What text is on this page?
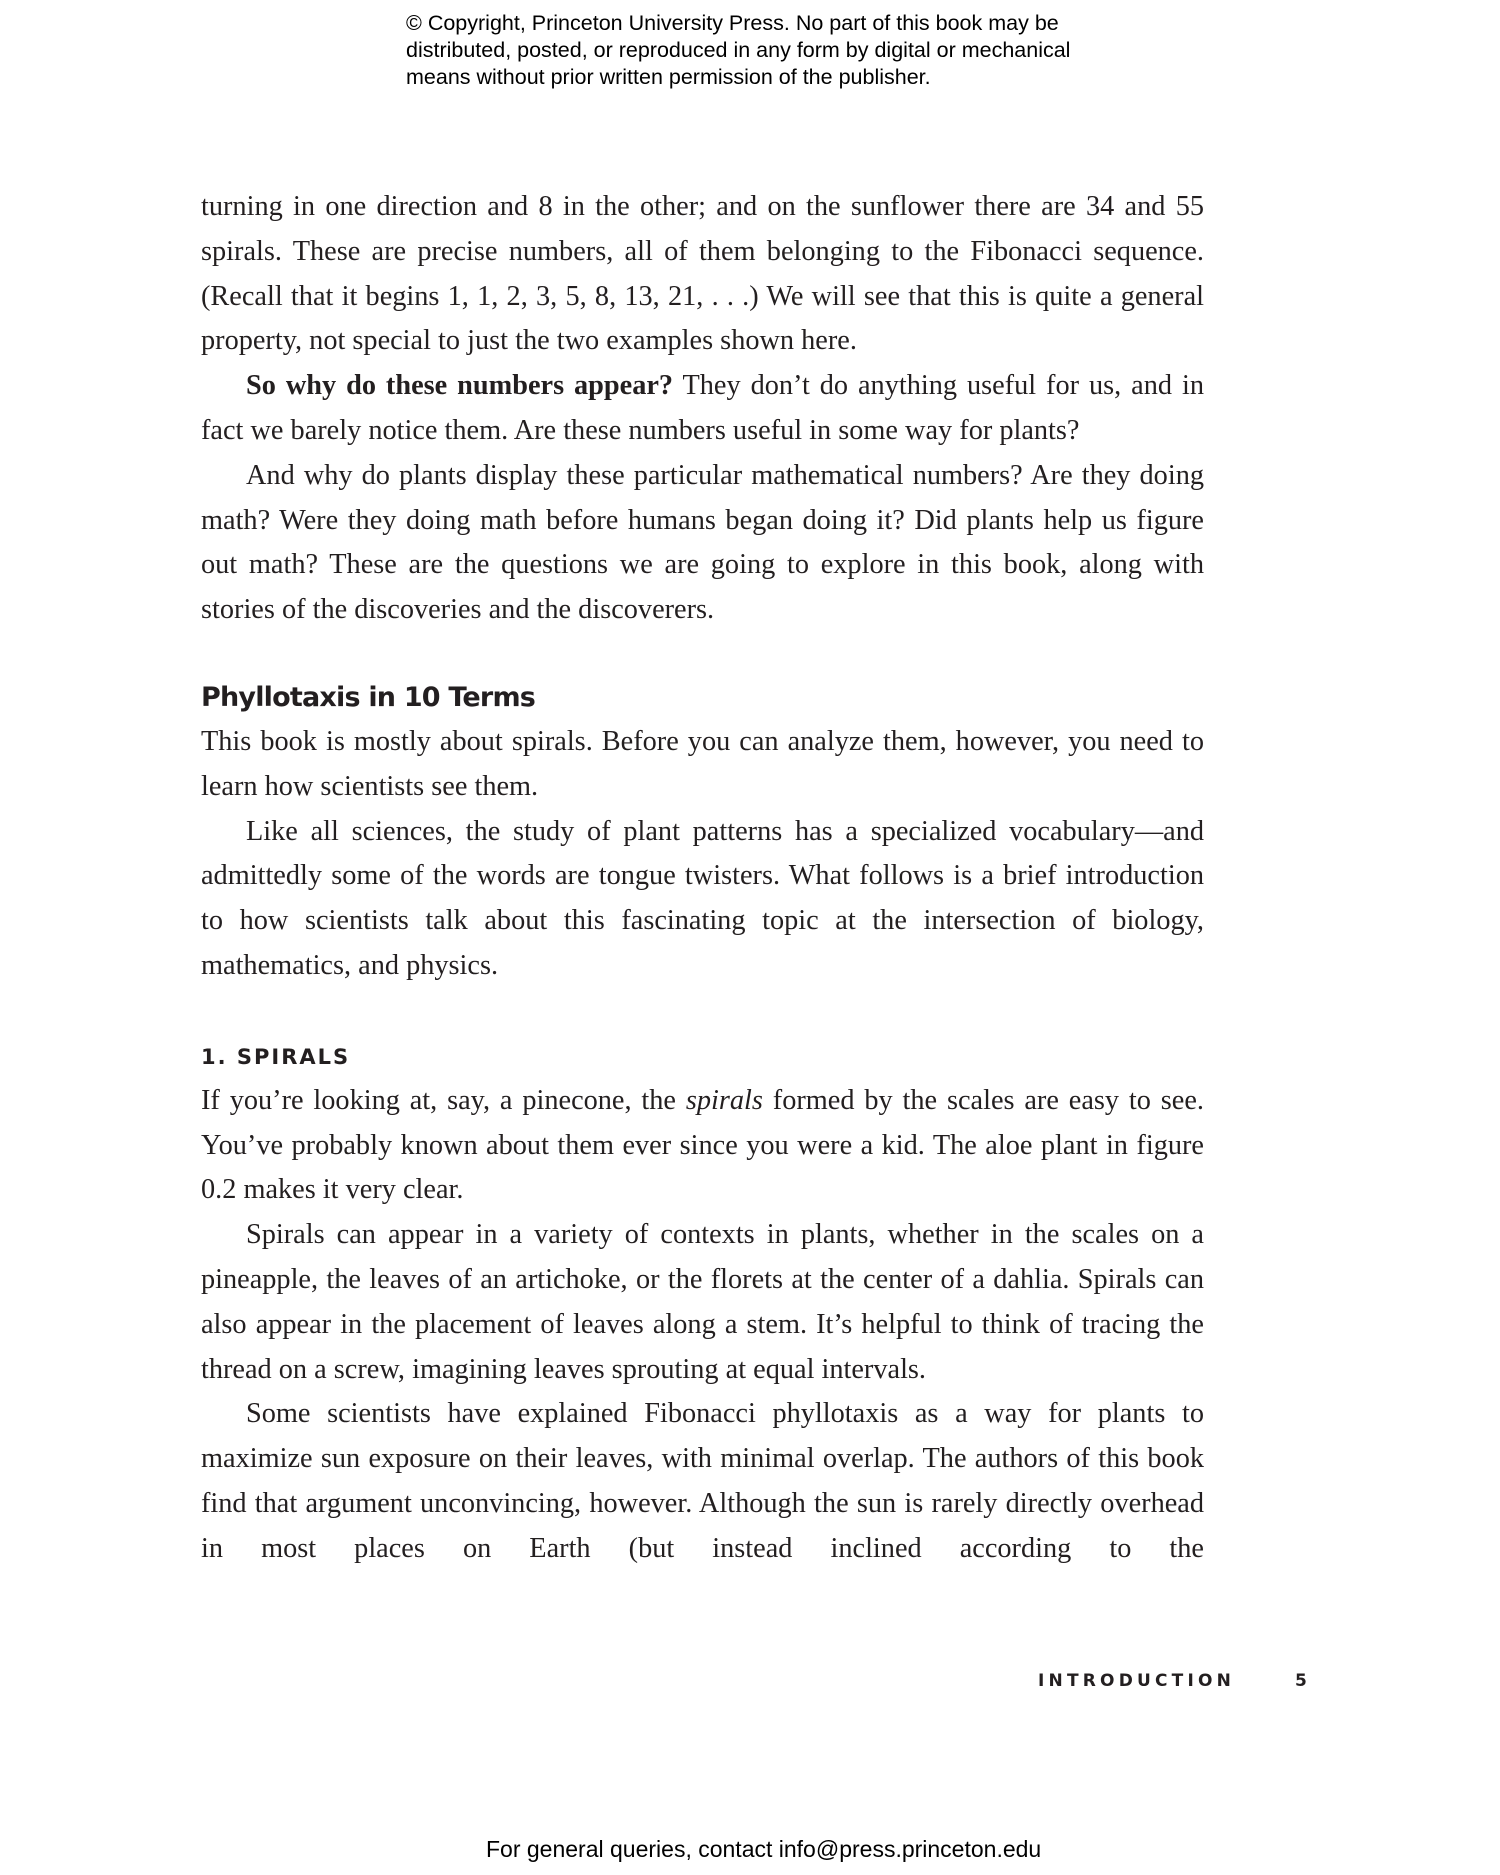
© Copyright, Princeton University Press. No part of this book may be
distributed, posted, or reproduced in any form by digital or mechanical
means without prior written permission of the publisher.

turning in one direction and 8 in the other; and on the sunflower there are 34 and 55 spirals. These are precise numbers, all of them belonging to the Fibonacci sequence. (Recall that it begins 1, 1, 2, 3, 5, 8, 13, 21, . . .) We will see that this is quite a general property, not special to just the two examples shown here.

So why do these numbers appear? They don’t do anything useful for us, and in fact we barely notice them. Are these numbers useful in some way for plants?

And why do plants display these particular mathematical numbers? Are they doing math? Were they doing math before humans began doing it? Did plants help us figure out math? These are the questions we are going to explore in this book, along with stories of the discoveries and the discoverers.

Phyllotaxis in 10 Terms

This book is mostly about spirals. Before you can analyze them, however, you need to learn how scientists see them.

Like all sciences, the study of plant patterns has a specialized vocabulary—and admittedly some of the words are tongue twisters. What follows is a brief introduction to how scientists talk about this fascinating topic at the intersection of biology, mathematics, and physics.

1. SPIRALS

If you’re looking at, say, a pinecone, the spirals formed by the scales are easy to see. You’ve probably known about them ever since you were a kid. The aloe plant in figure 0.2 makes it very clear.

Spirals can appear in a variety of contexts in plants, whether in the scales on a pineapple, the leaves of an artichoke, or the florets at the center of a dahlia. Spirals can also appear in the placement of leaves along a stem. It’s helpful to think of tracing the thread on a screw, imagining leaves sprouting at equal intervals.

Some scientists have explained Fibonacci phyllotaxis as a way for plants to maximize sun exposure on their leaves, with minimal overlap. The authors of this book find that argument unconvincing, however. Although the sun is rarely directly overhead in most places on Earth (but instead inclined according to the

INTRODUCTION	5
For general queries, contact info@press.princeton.edu
